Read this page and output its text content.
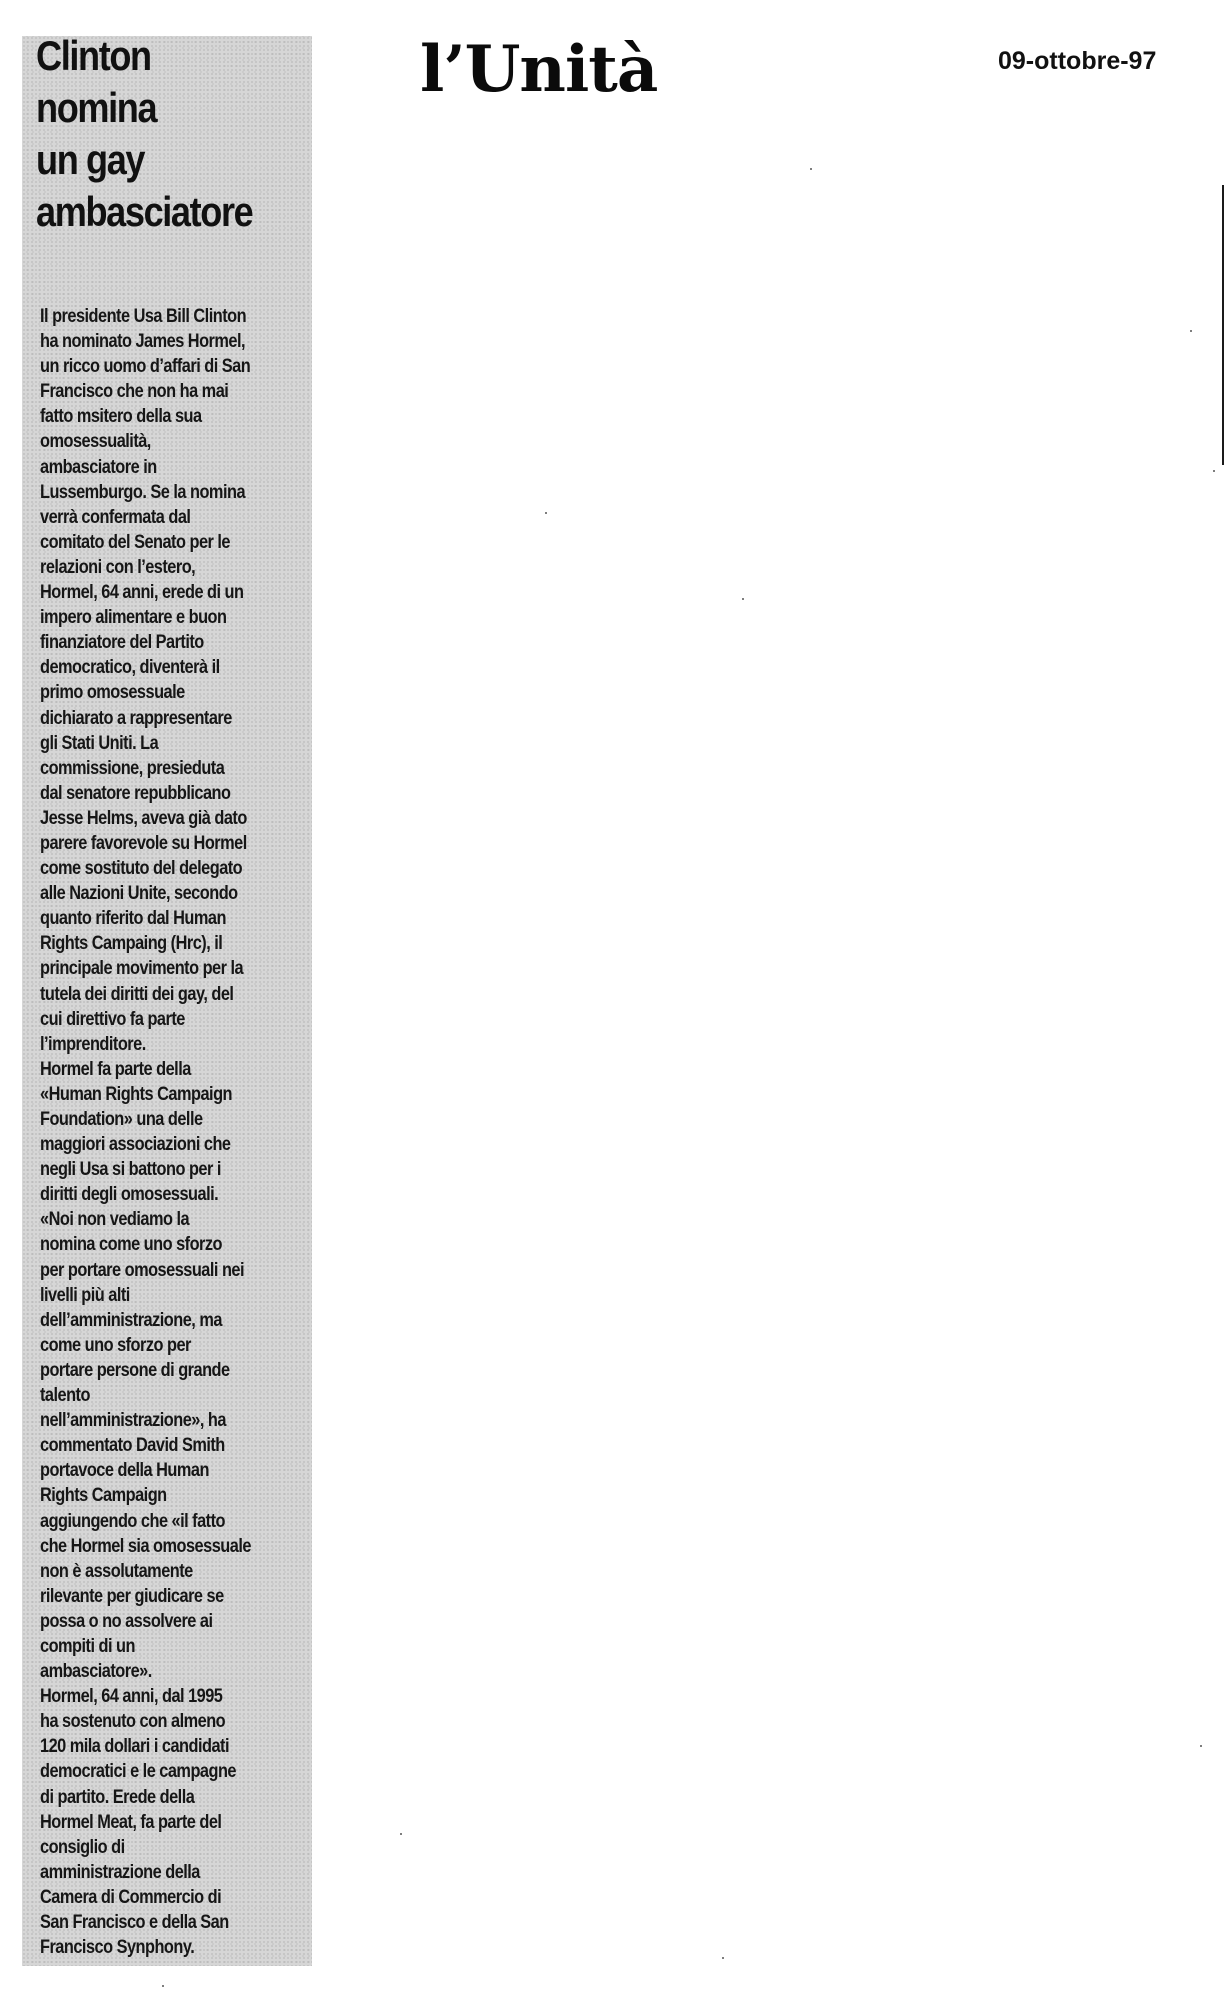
Clinton
nomina
un gay
ambasciatore
Il presidente Usa Bill Clinton
ha nominato James Hormel,
un ricco uomo d’affari di San
Francisco che non ha mai
fatto msitero della sua
omosessualità,
ambasciatore in
Lussemburgo. Se la nomina
verrà confermata dal
comitato del Senato per le
relazioni con l’estero,
Hormel, 64 anni, erede di un
impero alimentare e buon
finanziatore del Partito
democratico, diventerà il
primo omosessuale
dichiarato a rappresentare
gli Stati Uniti. La
commissione, presieduta
dal senatore repubblicano
Jesse Helms, aveva già dato
parere favorevole su Hormel
come sostituto del delegato
alle Nazioni Unite, secondo
quanto riferito dal Human
Rights Campaing (Hrc), il
principale movimento per la
tutela dei diritti dei gay, del
cui direttivo fa parte
l’imprenditore.
Hormel fa parte della
«Human Rights Campaign
Foundation» una delle
maggiori associazioni che
negli Usa si battono per i
diritti degli omosessuali.
«Noi non vediamo la
nomina come uno sforzo
per portare omosessuali nei
livelli più alti
dell’amministrazione, ma
come uno sforzo per
portare persone di grande
talento
nell’amministrazione», ha
commentato David Smith
portavoce della Human
Rights Campaign
aggiungendo che «il fatto
che Hormel sia omosessuale
non è assolutamente
rilevante per giudicare se
possa o no assolvere ai
compiti di un
ambasciatore».
Hormel, 64 anni, dal 1995
ha sostenuto con almeno
120 mila dollari i candidati
democratici e le campagne
di partito. Erede della
Hormel Meat, fa parte del
consiglio di
amministrazione della
Camera di Commercio di
San Francisco e della San
Francisco Synphony.
l’Unità	09-ottobre-97
